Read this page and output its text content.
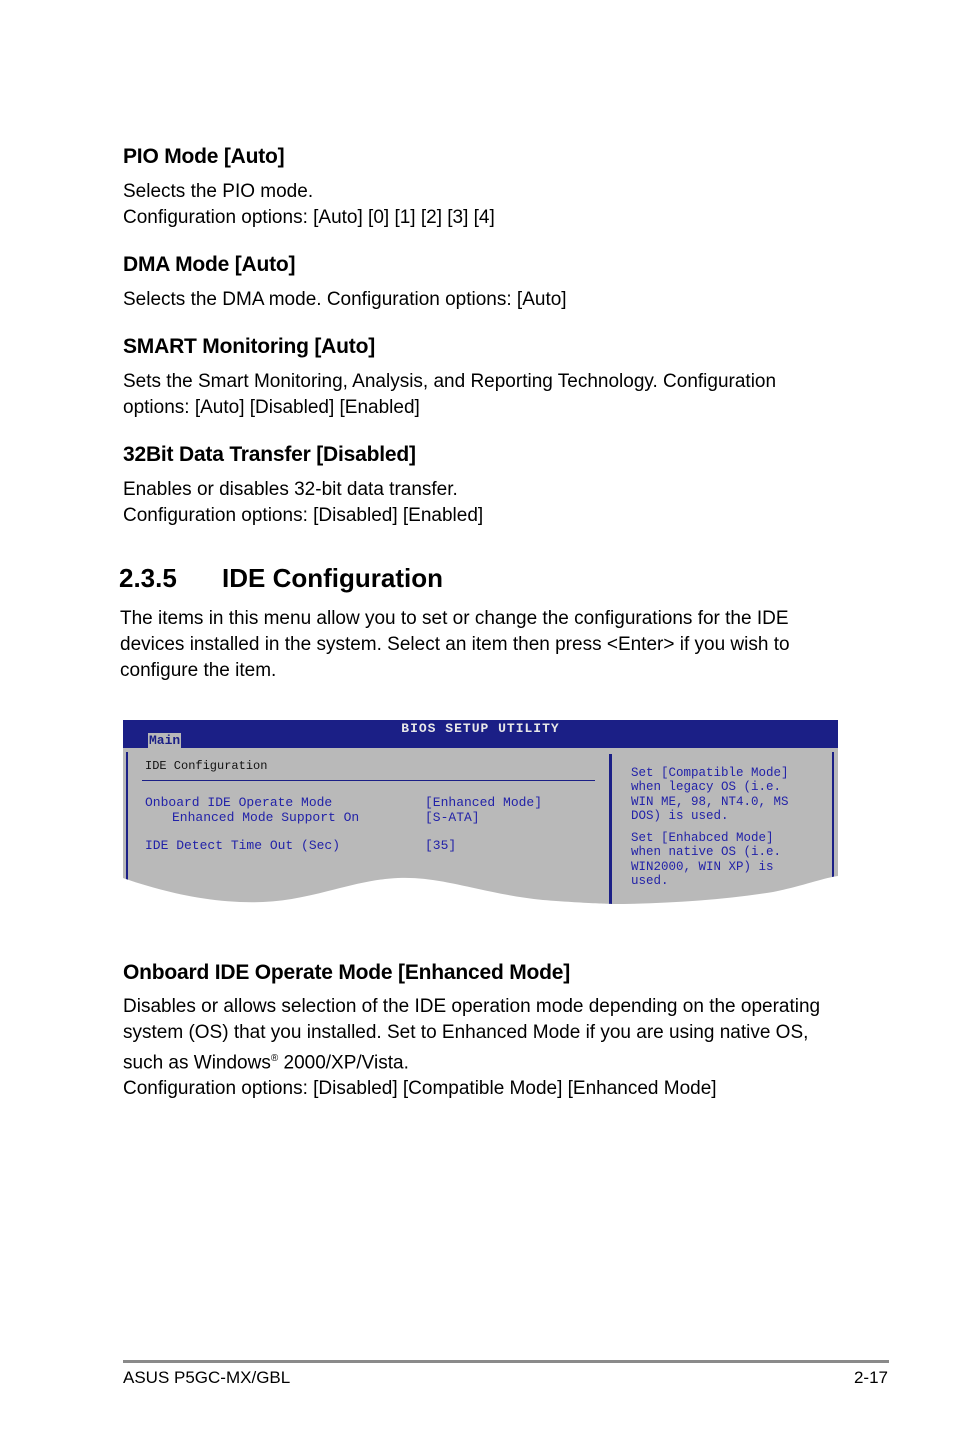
PIO Mode [Auto]
Selects the PIO mode.
Configuration options: [Auto] [0] [1] [2] [3] [4]
DMA Mode [Auto]
Selects the DMA mode. Configuration options: [Auto]
SMART Monitoring [Auto]
Sets the Smart Monitoring, Analysis, and Reporting Technology. Configuration
options: [Auto] [Disabled] [Enabled]
32Bit Data Transfer [Disabled]
Enables or disables 32-bit data transfer.
Configuration options: [Disabled] [Enabled]
2.3.5 IDE Configuration
The items in this menu allow you to set or change the configurations for the IDE
devices installed in the system. Select an item then press <Enter> if you wish to
configure the item.
BIOS SETUP UTILITY
Main
IDE Configuration
Onboard IDE Operate Mode	[Enhanced Mode]
Enhanced Mode Support On	[S-ATA]
IDE Detect Time Out (Sec)	[35]
Set [Compatible Mode]
when legacy OS (i.e.
WIN ME, 98, NT4.0, MS
DOS) is used.
Set [Enhabced Mode]
when native OS (i.e.
WIN2000, WIN XP) is
used.
Onboard IDE Operate Mode [Enhanced Mode]
Disables or allows selection of the IDE operation mode depending on the operating
system (OS) that you installed. Set to Enhanced Mode if you are using native OS,
such as Windows® 2000/XP/Vista.
Configuration options: [Disabled] [Compatible Mode] [Enhanced Mode]
ASUS P5GC-MX/GBL	2-17
